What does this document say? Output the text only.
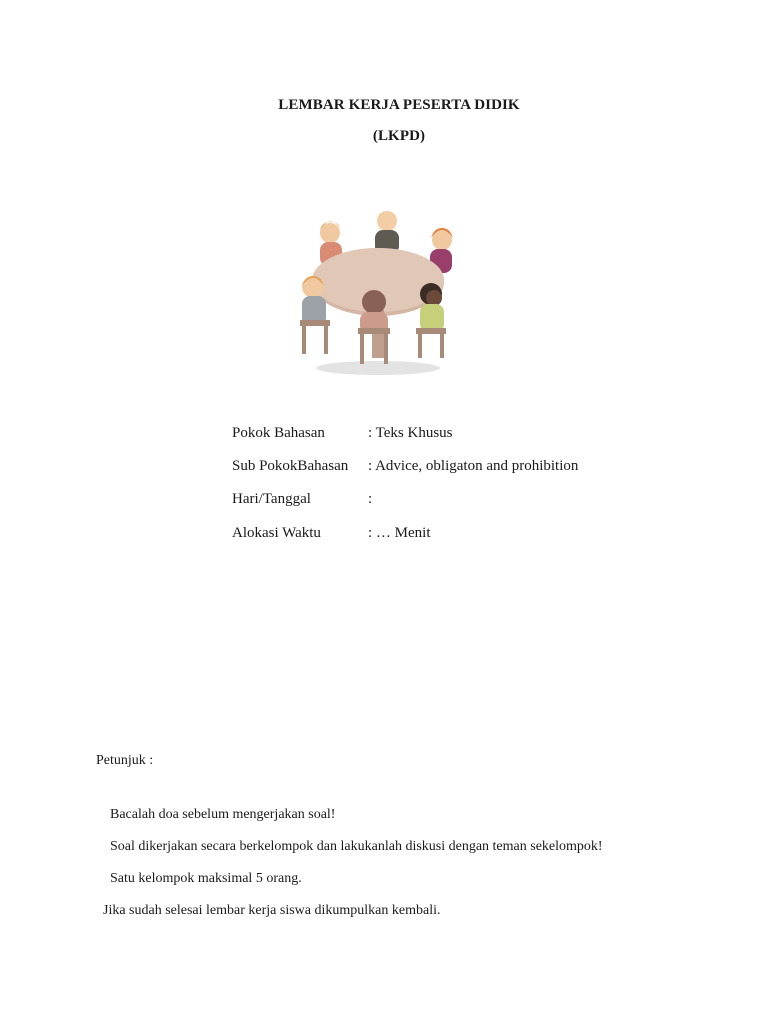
LEMBAR KERJA PESERTA DIDIK
(LKPD)
Pokok Bahasan	: Teks Khusus
Sub PokokBahasan : Advice, obligaton and prohibition
Hari/Tanggal	:
Alokasi Waktu	: … Menit
Petunjuk :
Bacalah doa sebelum mengerjakan soal!
Soal dikerjakan secara berkelompok dan lakukanlah diskusi dengan teman sekelompok!
Satu kelompok maksimal 5 orang.
Jika sudah selesai lembar kerja siswa dikumpulkan kembali.
